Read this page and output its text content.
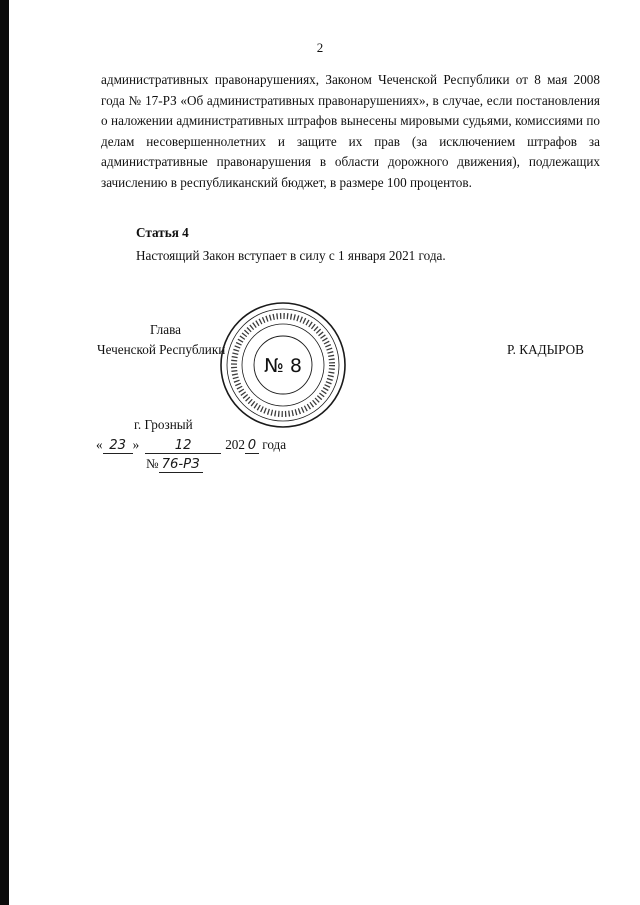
2
административных правонарушениях, Законом Чеченской Республики от 8 мая 2008 года № 17-РЗ «Об административных правонарушениях», в случае, если постановления о наложении административных штрафов вынесены мировыми судьями, комиссиями по делам несовершеннолетних и защите их прав (за исключением штрафов за административные правонарушения в области дорожного движения), подлежащих зачислению в республиканский бюджет, в размере 100 процентов.
Статья 4
Настоящий Закон вступает в силу с 1 января 2021 года.
Глава
Чеченской Республики	Р. КАДЫРОВ
№ 8
г. Грозный
« 23 »	12	202 0 года
№ 76-РЗ
